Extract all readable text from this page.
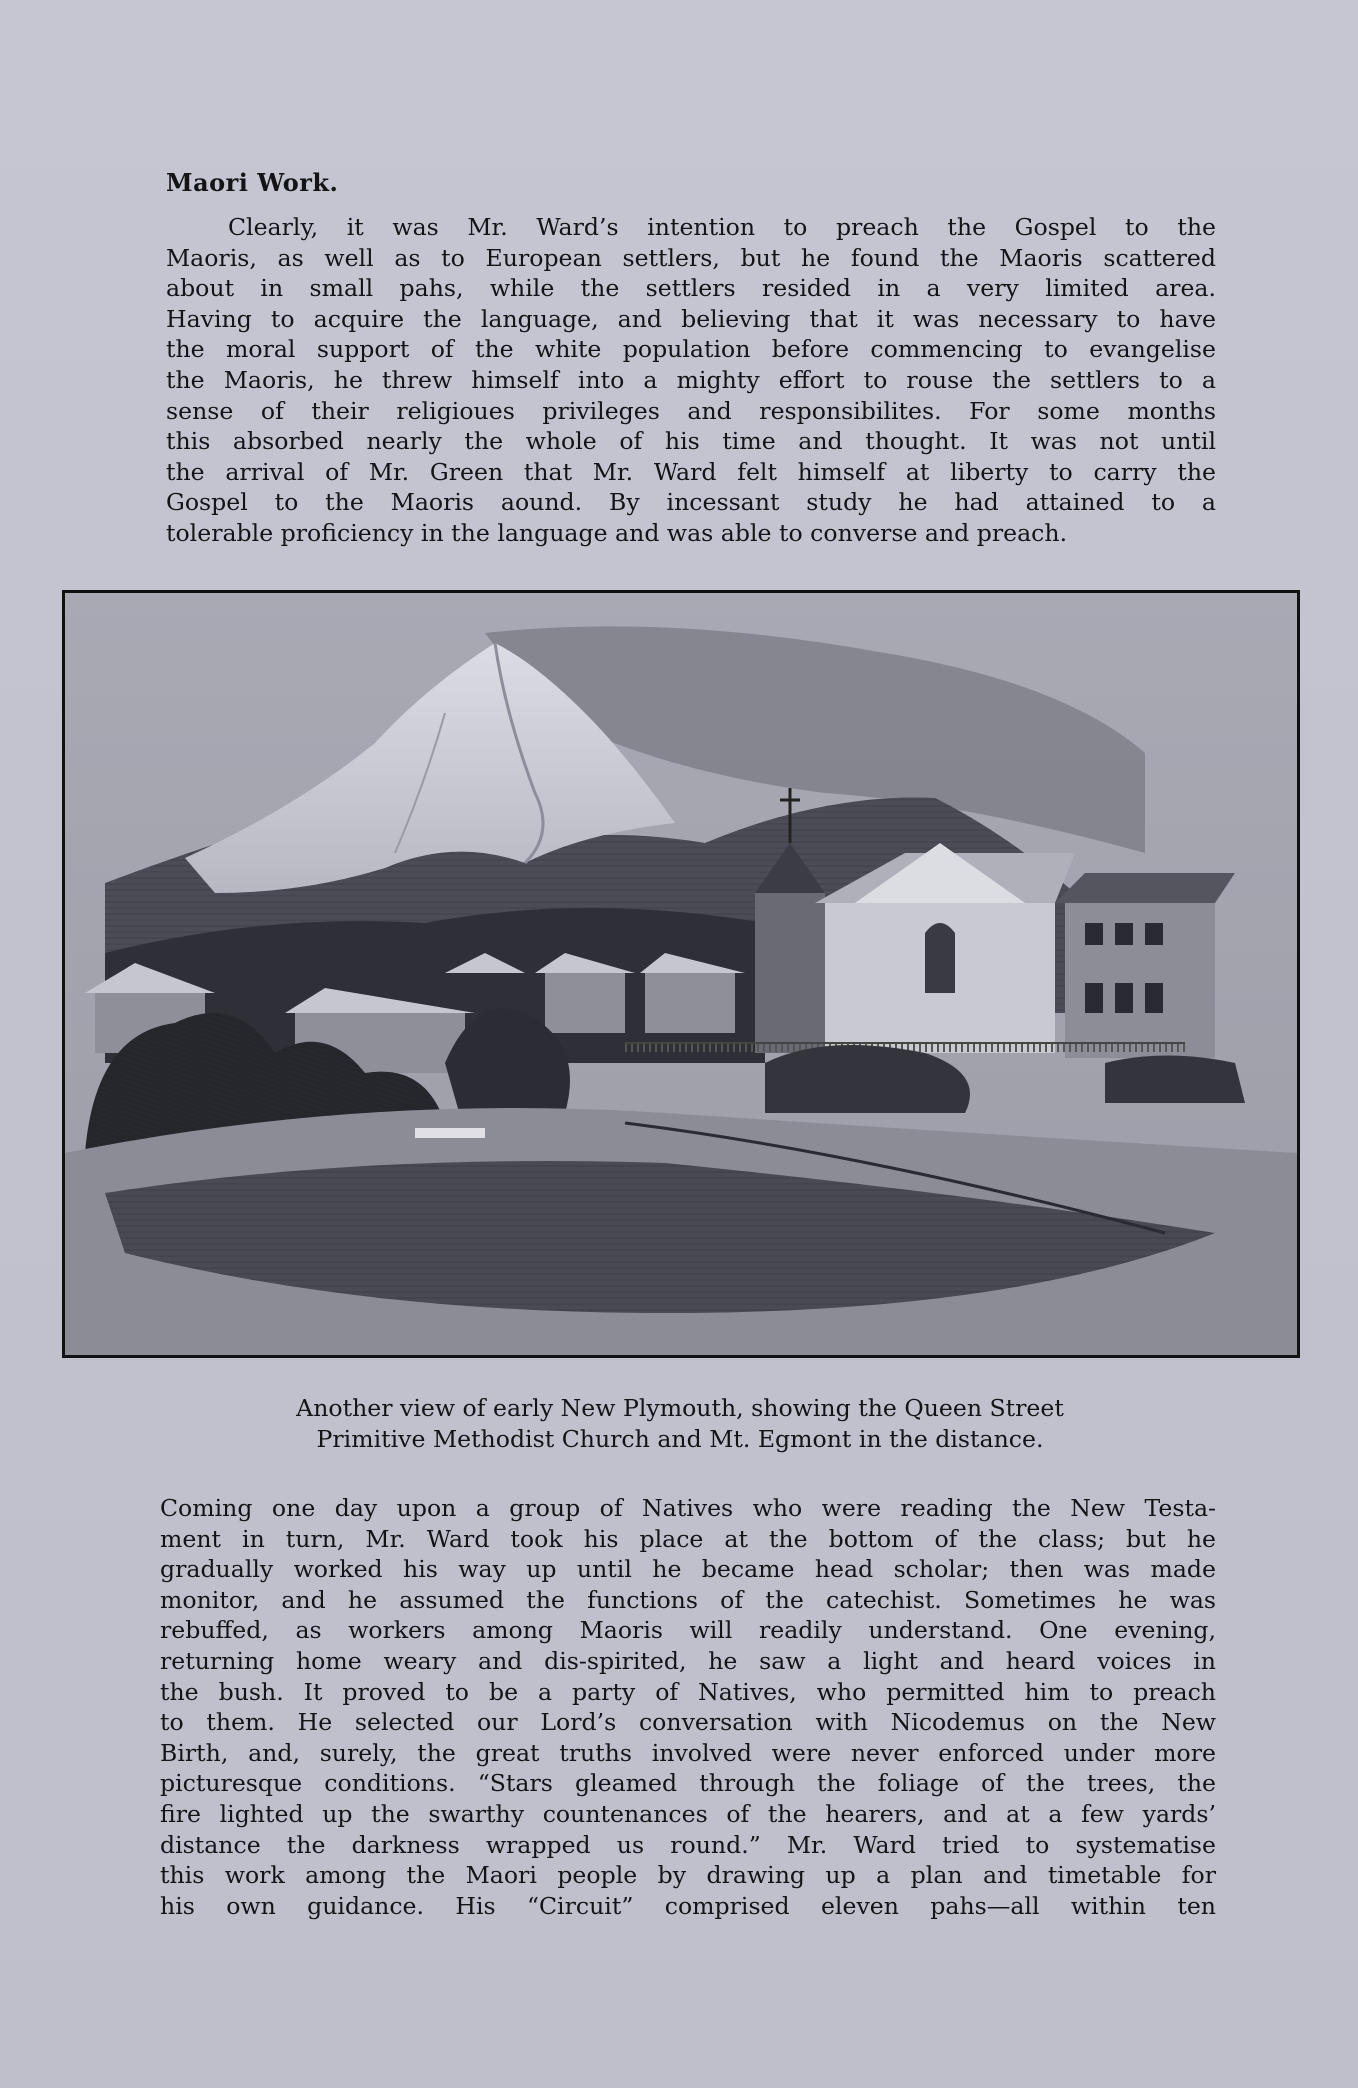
Maori Work.
Clearly, it was Mr. Ward’s intention to preach the Gospel to the
Maoris, as well as to European settlers, but he found the Maoris scattered
about in small pahs, while the settlers resided in a very limited area.
Having to acquire the language, and believing that it was necessary to have
the moral support of the white population before commencing to evangelise
the Maoris, he threw himself into a mighty effort to rouse the settlers to a
sense of their religioues privileges and responsibilites. For some months
this absorbed nearly the whole of his time and thought. It was not until
the arrival of Mr. Green that Mr. Ward felt himself at liberty to carry the
Gospel to the Maoris aound. By incessant study he had attained to a
tolerable proficiency in the language and was able to converse and preach.
Another view of early New Plymouth, showing the Queen Street
Primitive Methodist Church and Mt. Egmont in the distance.
Coming one day upon a group of Natives who were reading the New Testa-
ment in turn, Mr. Ward took his place at the bottom of the class; but he
gradually worked his way up until he became head scholar; then was made
monitor, and he assumed the functions of the catechist. Sometimes he was
rebuffed, as workers among Maoris will readily understand. One evening,
returning home weary and dis-spirited, he saw a light and heard voices in
the bush. It proved to be a party of Natives, who permitted him to preach
to them. He selected our Lord’s conversation with Nicodemus on the New
Birth, and, surely, the great truths involved were never enforced under more
picturesque conditions. “Stars gleamed through the foliage of the trees, the
fire lighted up the swarthy countenances of the hearers, and at a few yards’
distance the darkness wrapped us round.” Mr. Ward tried to systematise
this work among the Maori people by drawing up a plan and timetable for
his own guidance. His “Circuit” comprised eleven pahs—all within ten
